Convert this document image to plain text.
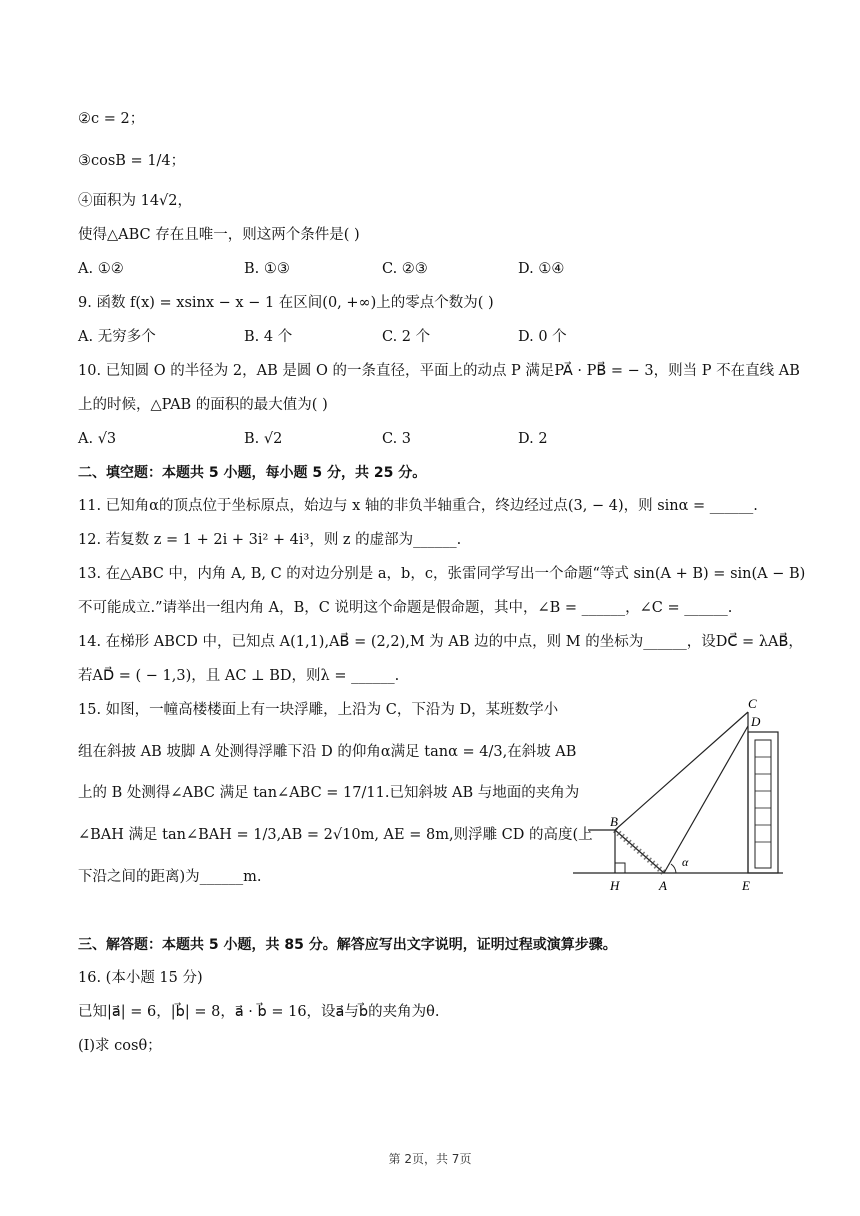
②c = 2；
③cosB = 1/4；
④面积为 14√2，
使得△ABC 存在且唯一，则这两个条件是( )
A. ①②	B. ①③	C. ②③	D. ①④
9. 函数 f(x) = xsinx − x − 1 在区间(0, +∞)上的零点个数为( )
A. 无穷多个	B. 4 个	C. 2 个	D. 0 个
10. 已知圆 O 的半径为 2，AB 是圆 O 的一条直径，平面上的动点 P 满足PA⃗ · PB⃗ = − 3，则当 P 不在直线 AB
上的时候，△PAB 的面积的最大值为( )
A. √3	B. √2	C. 3	D. 2
二、填空题：本题共 5 小题，每小题 5 分，共 25 分。
11. 已知角α的顶点位于坐标原点，始边与 x 轴的非负半轴重合，终边经过点(3, − 4)，则 sinα = ______.
12. 若复数 z = 1 + 2i + 3i² + 4i³，则 z 的虚部为______.
13. 在△ABC 中，内角 A, B, C 的对边分别是 a，b，c，张雷同学写出一个命题“等式 sin(A + B) = sin(A − B)
不可能成立.”请举出一组内角 A，B，C 说明这个命题是假命题，其中，∠B = ______，∠C = ______.
14. 在梯形 ABCD 中，已知点 A(1,1),AB⃗ = (2,2),M 为 AB 边的中点，则 M 的坐标为______，设DC⃗ = λAB⃗，
若AD⃗ = ( − 1,3)，且 AC ⊥ BD，则λ = ______.
15. 如图，一幢高楼楼面上有一块浮雕，上沿为 C，下沿为 D，某班数学小
组在斜披 AB 坡脚 A 处测得浮雕下沿 D 的仰角α满足 tanα = 4/3,在斜坡 AB
上的 B 处测得∠ABC 满足 tan∠ABC = 17/11.已知斜坡 AB 与地面的夹角为
∠BAH 满足 tan∠BAH = 1/3,AB = 2√10m, AE = 8m,则浮雕 CD 的高度(上
下沿之间的距离)为______m.
C
D
B
H	A	E
α
三、解答题：本题共 5 小题，共 85 分。解答应写出文字说明，证明过程或演算步骤。
16. (本小题 15 分)
已知|a⃗| = 6，|b⃗| = 8，a⃗ · b⃗ = 16，设a⃗与b⃗的夹角为θ.
(Ⅰ)求 cosθ；
第 2页，共 7页
